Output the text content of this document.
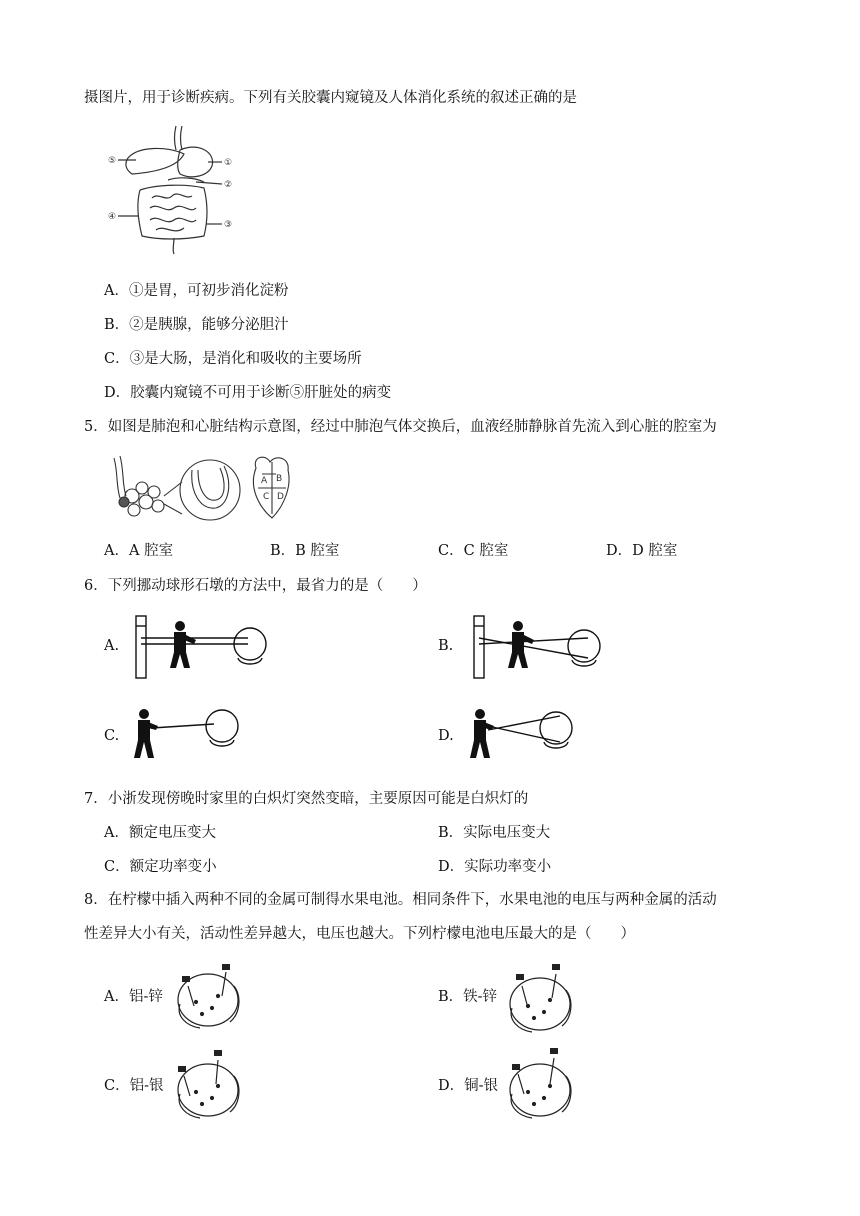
摄图片，用于诊断疾病。下列有关胶囊内窥镜及人体消化系统的叙述正确的是
⑤	①
②
④
③
A．①是胃，可初步消化淀粉
B．②是胰腺，能够分泌胆汁
C．③是大肠，是消化和吸收的主要场所
D．胶囊内窥镜不可用于诊断⑤肝脏处的病变
5．如图是肺泡和心脏结构示意图，经过中肺泡气体交换后，血液经肺静脉首先流入到心脏的腔室为
A B
C D
A．A 腔室	B．B 腔室	C．C 腔室	D．D 腔室
6．下列挪动球形石墩的方法中，最省力的是（　　）
A.	B.
C.	D.
7．小浙发现傍晚时家里的白炽灯突然变暗，主要原因可能是白炽灯的
A．额定电压变大	B．实际电压变大
C．额定功率变小	D．实际功率变小
8．在柠檬中插入两种不同的金属可制得水果电池。相同条件下，水果电池的电压与两种金属的活动
性差异大小有关，活动性差异越大，电压也越大。下列柠檬电池电压最大的是（　　）
A．铝-锌	B．铁-锌
C．铝-银	D．铜-银
